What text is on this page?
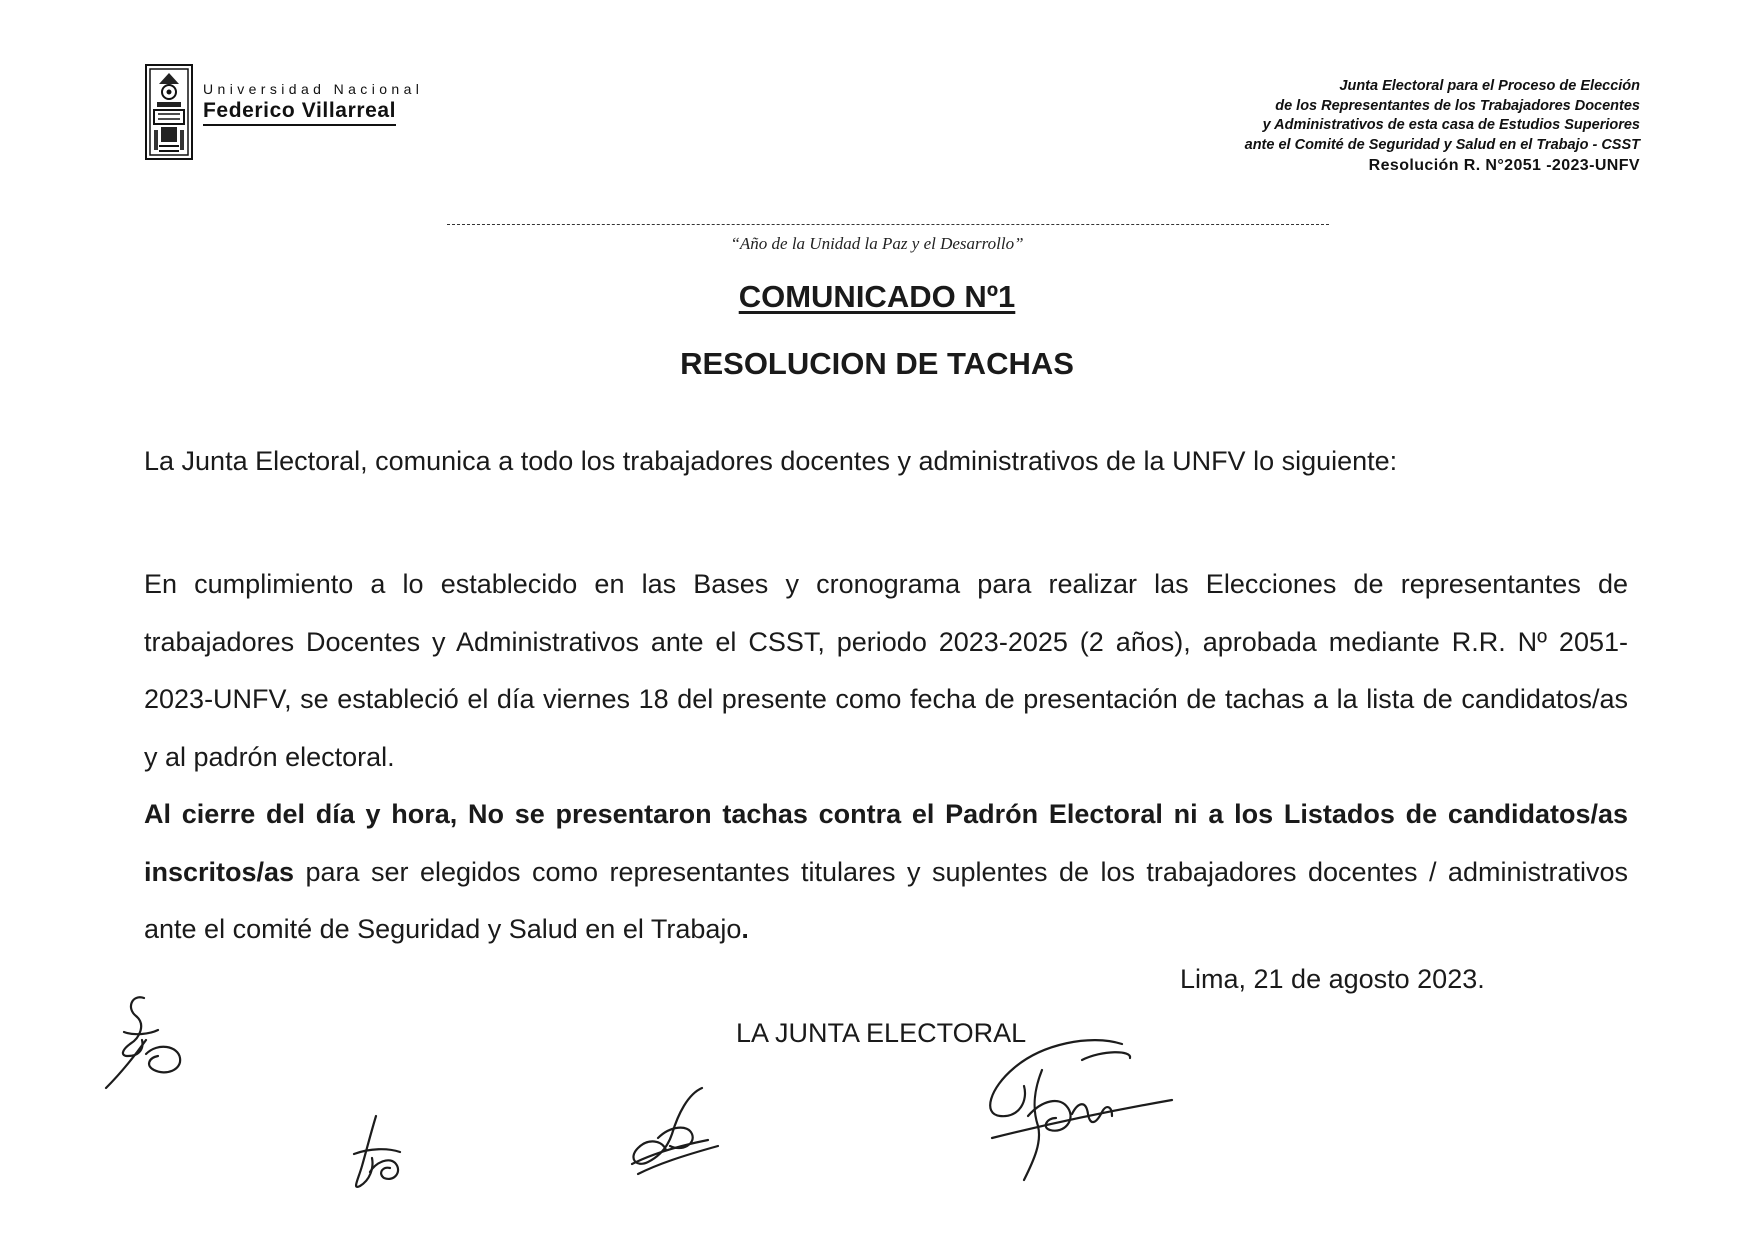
Universidad Nacional
Federico Villarreal
Junta Electoral para el Proceso de Elección
de los Representantes de los Trabajadores Docentes
y Administrativos de esta casa de Estudios Superiores
ante el Comité de Seguridad y Salud en el Trabajo - CSST
Resolución R. N°2051 -2023-UNFV
“Año de la Unidad la Paz y el Desarrollo”
COMUNICADO Nº1
RESOLUCION DE TACHAS
La Junta Electoral, comunica a todo los trabajadores docentes y administrativos de la UNFV lo siguiente:

En cumplimiento a lo establecido en las Bases y cronograma para realizar las Elecciones de representantes de trabajadores Docentes y Administrativos ante el CSST, periodo 2023-2025 (2 años), aprobada mediante R.R. Nº 2051-2023-UNFV, se estableció el día viernes 18 del presente como fecha de presentación de tachas a la lista de candidatos/as y al padrón electoral.

Al cierre del día y hora, No se presentaron tachas contra el Padrón Electoral ni a los Listados de candidatos/as inscritos/as para ser elegidos como representantes titulares y suplentes de los trabajadores docentes / administrativos ante el comité de Seguridad y Salud en el Trabajo.

Lima, 21 de agosto 2023.
LA JUNTA ELECTORAL
